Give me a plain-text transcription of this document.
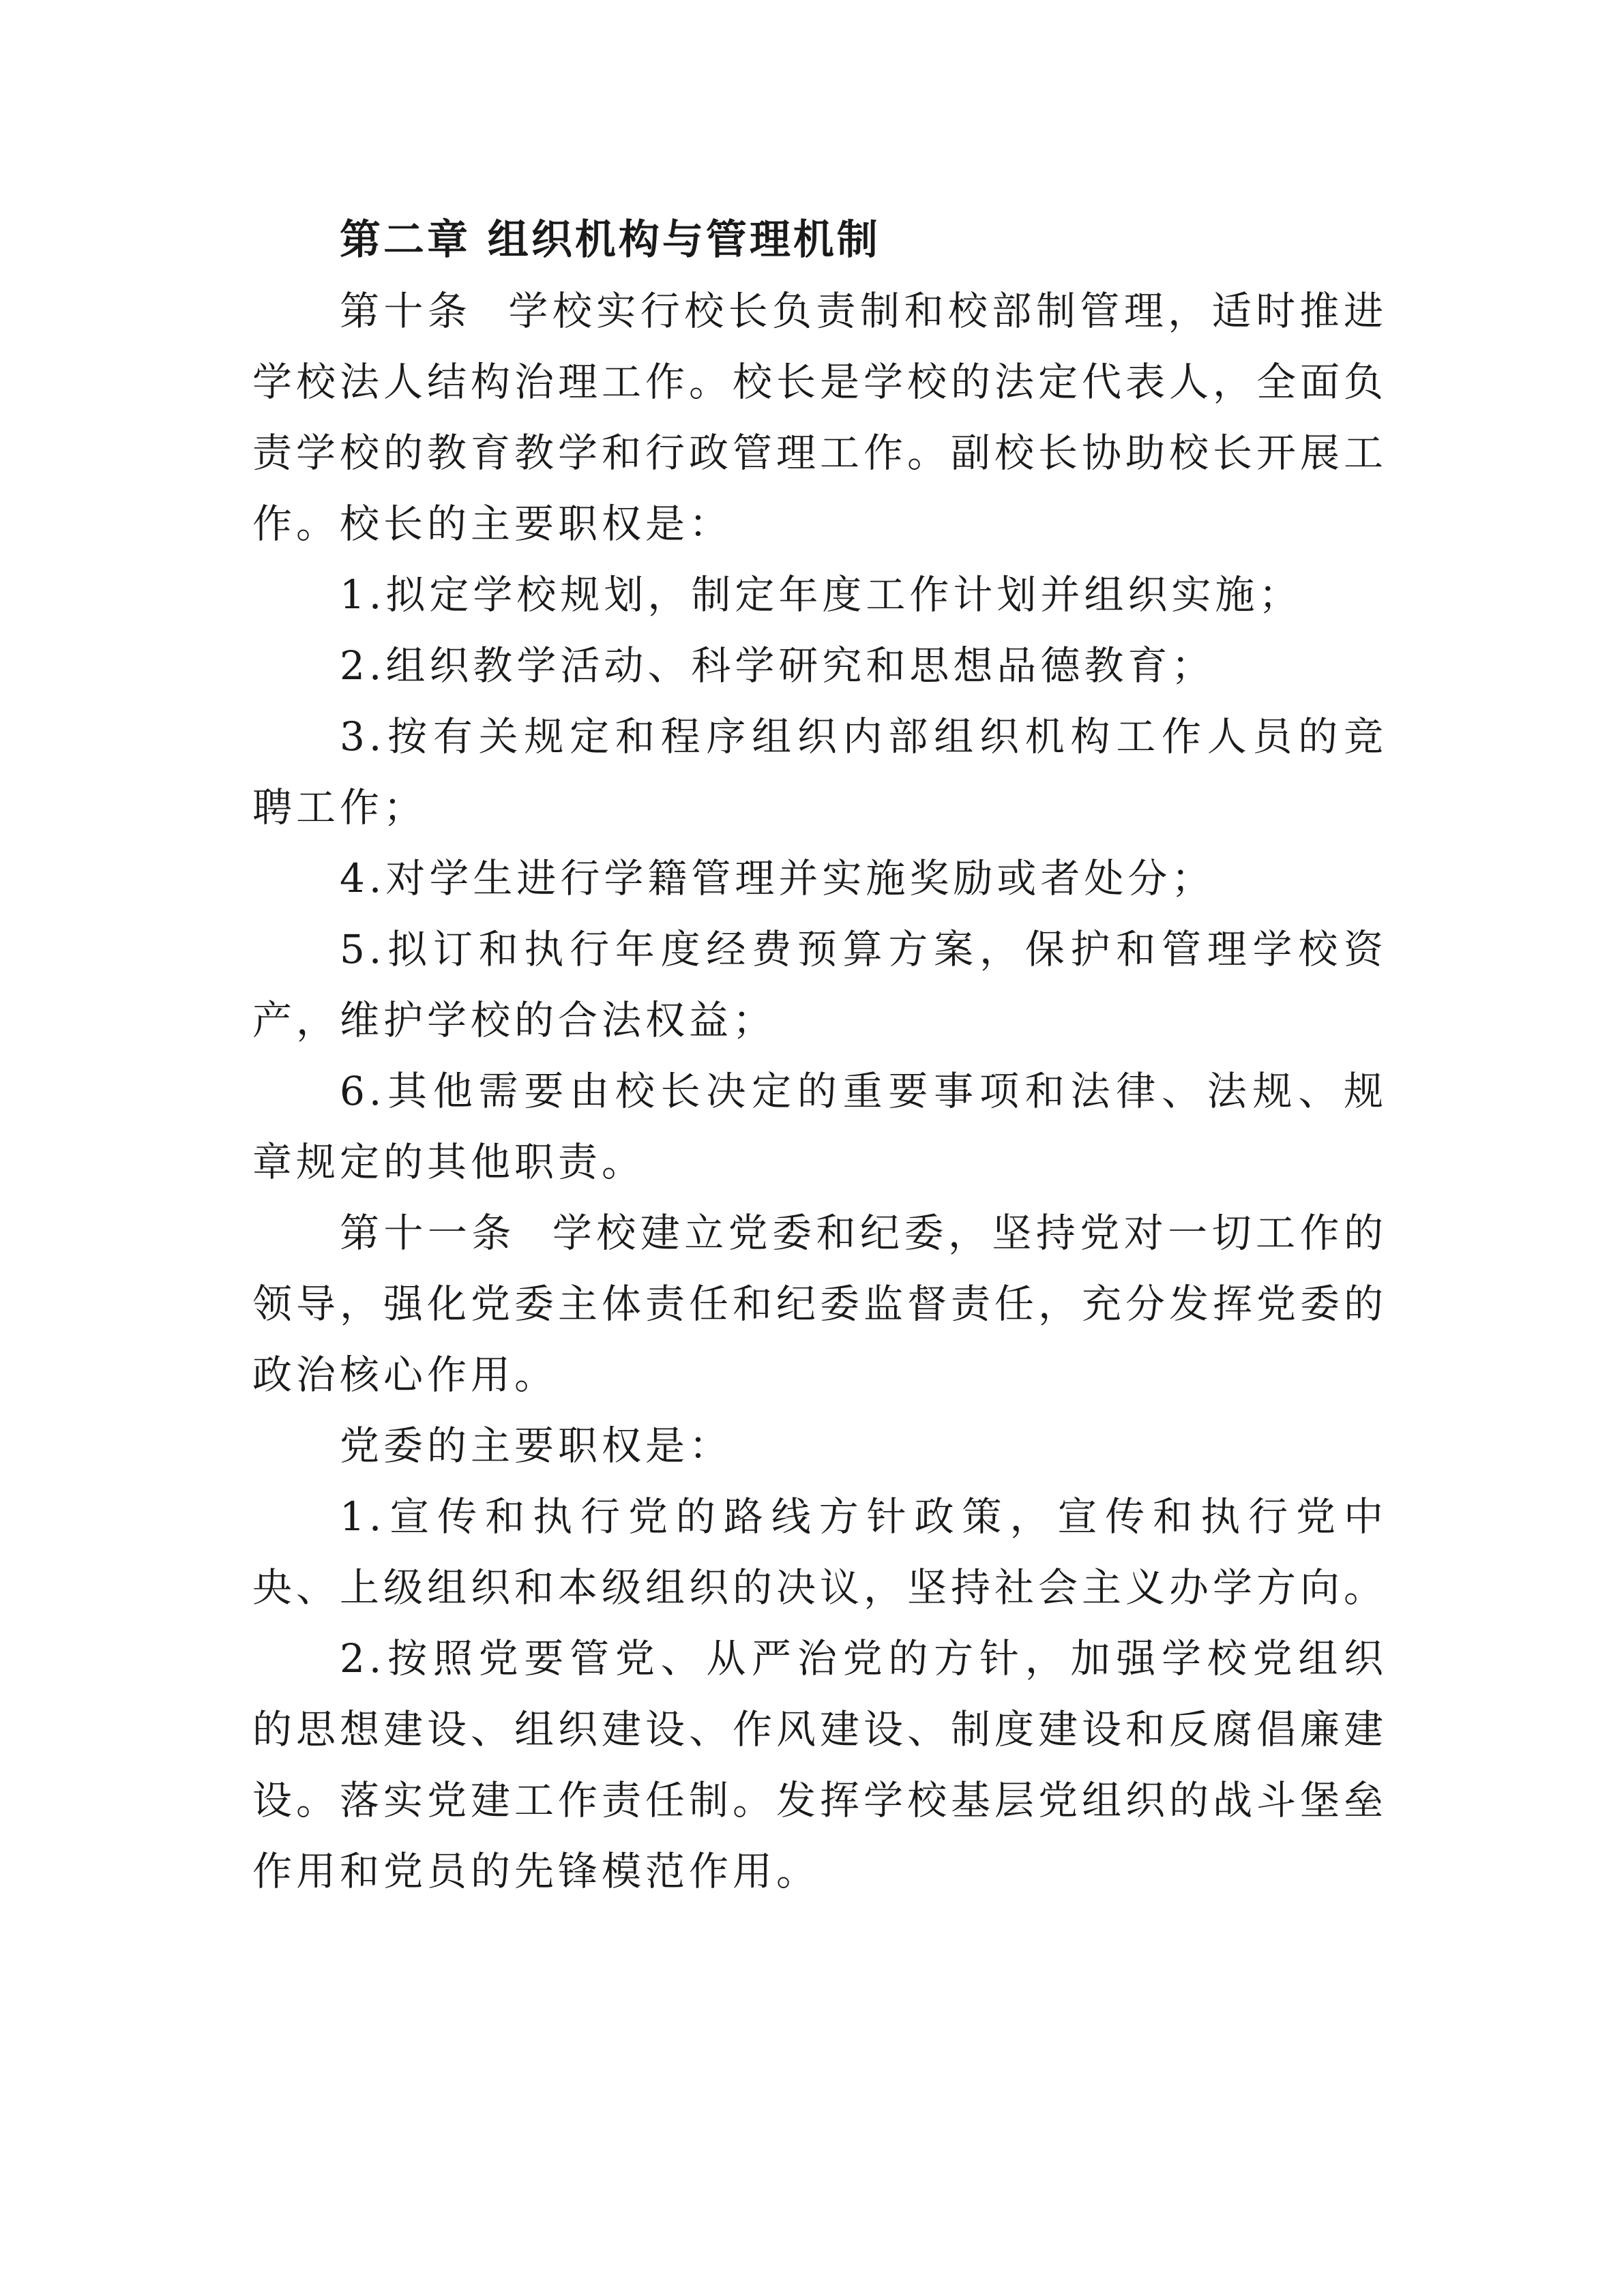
第二章 组织机构与管理机制

第十条 学校实行校长负责制和校部制管理，适时推进学校法人结构治理工作。校长是学校的法定代表人，全面负责学校的教育教学和行政管理工作。副校长协助校长开展工作。校长的主要职权是：

1.拟定学校规划，制定年度工作计划并组织实施；

2.组织教学活动、科学研究和思想品德教育；

3.按有关规定和程序组织内部组织机构工作人员的竞聘工作；

4.对学生进行学籍管理并实施奖励或者处分；

5.拟订和执行年度经费预算方案，保护和管理学校资产，维护学校的合法权益；

6.其他需要由校长决定的重要事项和法律、法规、规章规定的其他职责。

第十一条 学校建立党委和纪委，坚持党对一切工作的领导，强化党委主体责任和纪委监督责任，充分发挥党委的政治核心作用。

党委的主要职权是：

1.宣传和执行党的路线方针政策，宣传和执行党中央、上级组织和本级组织的决议，坚持社会主义办学方向。

2.按照党要管党、从严治党的方针，加强学校党组织的思想建设、组织建设、作风建设、制度建设和反腐倡廉建设。落实党建工作责任制。发挥学校基层党组织的战斗堡垒作用和党员的先锋模范作用。
